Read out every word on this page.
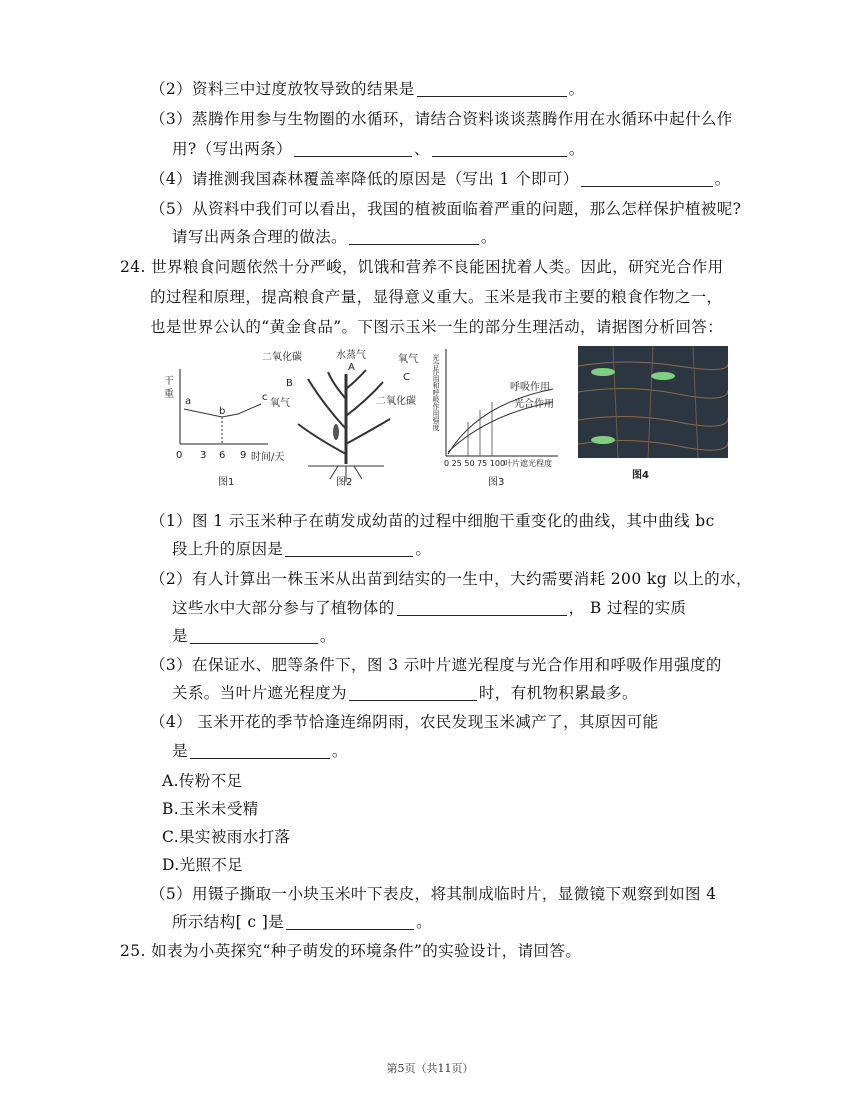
（2）资料三中过度放牧导致的结果是	。
（3）蒸腾作用参与生物圈的水循环，请结合资料谈谈蒸腾作用在水循环中起什么作
用?（写出两条）	、	。
（4）请推测我国森林覆盖率降低的原因是（写出 1 个即可）	。
（5）从资料中我们可以看出，我国的植被面临着严重的问题，那么怎样保护植被呢?
请写出两条合理的做法。	。
24. 世界粮食问题依然十分严峻，饥饿和营养不良能困扰着人类。因此，研究光合作用
的过程和原理，提高粮食产量，显得意义重大。玉米是我市主要的粮食作物之一，
也是世界公认的“黄金食品”。下图示玉米一生的部分生理活动，请据图分析回答：
干重
a
b
c
0 3 6 9 时间/天
图1
二氧化碳	水蒸气	氧气
B
A
C
氧气	二氧化碳
图2
光合作用和呼吸作用强度	呼吸作用
光合作用
0 25 50 75 100
叶片遮光程度
图3
图4
（1）图 1 示玉米种子在萌发成幼苗的过程中细胞干重变化的曲线，其中曲线 bc
段上升的原因是	。
（2）有人计算出一株玉米从出苗到结实的一生中，大约需要消耗 200 kg 以上的水，
这些水中大部分参与了植物体的	， B 过程的实质
是	。
（3）在保证水、肥等条件下，图 3 示叶片遮光程度与光合作用和呼吸作用强度的
关系。当叶片遮光程度为	时，有机物积累最多。
（4） 玉米开花的季节恰逢连绵阴雨，农民发现玉米减产了，其原因可能
是	。
A.传粉不足
B.玉米未受精
C.果实被雨水打落
D.光照不足
（5）用镊子撕取一小块玉米叶下表皮，将其制成临时片，显微镜下观察到如图 4
所示结构[ c ]是	。
25. 如表为小英探究“种子萌发的环境条件”的实验设计，请回答。
第5页（共11页）
